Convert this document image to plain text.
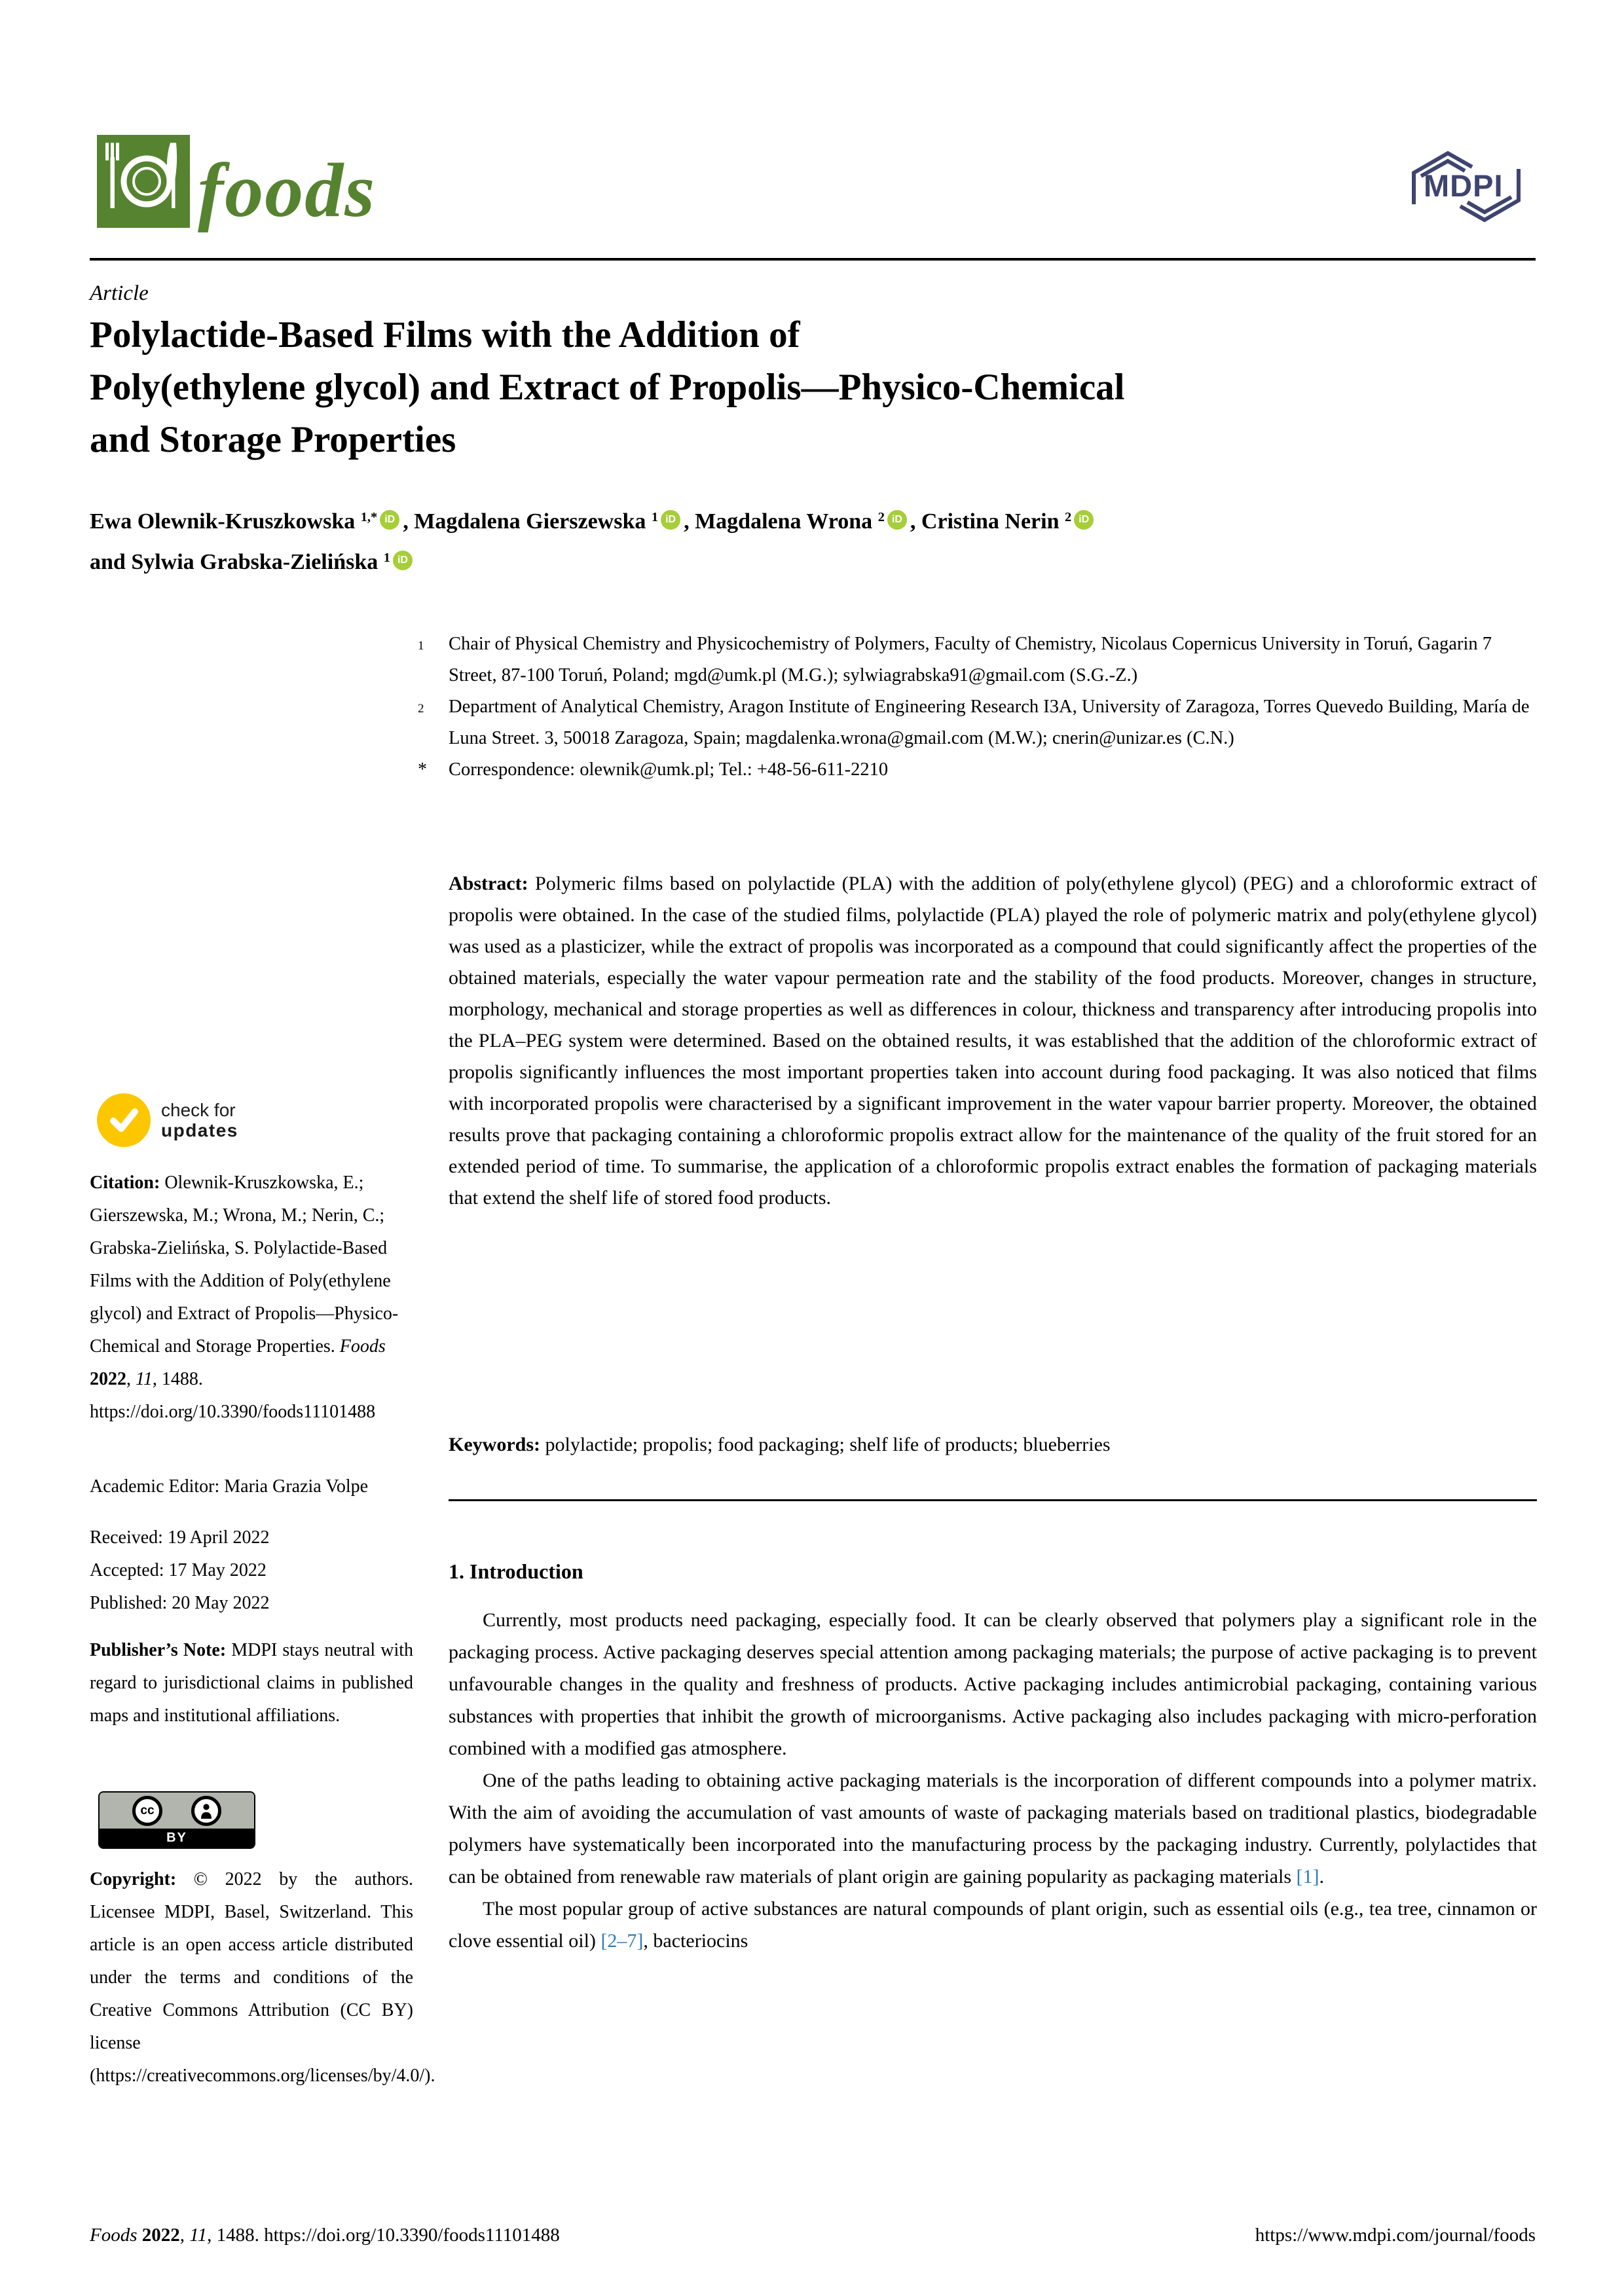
foods	MDPI
Article
Polylactide-Based Films with the Addition of
Poly(ethylene glycol) and Extract of Propolis—Physico-Chemical
and Storage Properties
Ewa Olewnik-Kruszkowska $^{1,*}$ iD , Magdalena Gierszewska $^1$ iD , Magdalena Wrona $^2$ iD , Cristina Nerin $^2$ iD
and Sylwia Grabska-Zielińska $^1$ iD
1	Chair of Physical Chemistry and Physicochemistry of Polymers, Faculty of Chemistry, Nicolaus Copernicus University in Toruń, Gagarin 7 Street, 87-100 Toruń, Poland; mgd@umk.pl (M.G.); sylwiagrabska91@gmail.com (S.G.-Z.)
2	Department of Analytical Chemistry, Aragon Institute of Engineering Research I3A, University of Zaragoza, Torres Quevedo Building, María de Luna Street. 3, 50018 Zaragoza, Spain; magdalenka.wrona@gmail.com (M.W.); cnerin@unizar.es (C.N.)
*	Correspondence: olewnik@umk.pl; Tel.: +48-56-611-2210
Abstract: Polymeric films based on polylactide (PLA) with the addition of poly(ethylene glycol) (PEG) and a chloroformic extract of propolis were obtained. In the case of the studied films, polylactide (PLA) played the role of polymeric matrix and poly(ethylene glycol) was used as a plasticizer, while the extract of propolis was incorporated as a compound that could significantly affect the properties of the obtained materials, especially the water vapour permeation rate and the stability of the food products. Moreover, changes in structure, morphology, mechanical and storage properties as well as differences in colour, thickness and transparency after introducing propolis into the PLA–PEG system were determined. Based on the obtained results, it was established that the addition of the chloroformic extract of propolis significantly influences the most important properties taken into account during food packaging. It was also noticed that films with incorporated propolis were characterised by a significant improvement in the water vapour barrier property. Moreover, the obtained results prove that packaging containing a chloroformic propolis extract allow for the maintenance of the quality of the fruit stored for an extended period of time. To summarise, the application of a chloroformic propolis extract enables the formation of packaging materials that extend the shelf life of stored food products.
Keywords: polylactide; propolis; food packaging; shelf life of products; blueberries
1. Introduction

Currently, most products need packaging, especially food. It can be clearly observed that polymers play a significant role in the packaging process. Active packaging deserves special attention among packaging materials; the purpose of active packaging is to prevent unfavourable changes in the quality and freshness of products. Active packaging includes antimicrobial packaging, containing various substances with properties that inhibit the growth of microorganisms. Active packaging also includes packaging with micro-perforation combined with a modified gas atmosphere.

One of the paths leading to obtaining active packaging materials is the incorporation of different compounds into a polymer matrix. With the aim of avoiding the accumulation of vast amounts of waste of packaging materials based on traditional plastics, biodegradable polymers have systematically been incorporated into the manufacturing process by the packaging industry. Currently, polylactides that can be obtained from renewable raw materials of plant origin are gaining popularity as packaging materials [1].

The most popular group of active substances are natural compounds of plant origin, such as essential oils (e.g., tea tree, cinnamon or clove essential oil) [2–7], bacteriocins

check for
updates
Citation: Olewnik-Kruszkowska, E.; Gierszewska, M.; Wrona, M.; Nerin, C.; Grabska-Zielińska, S. Polylactide-Based Films with the Addition of Poly(ethylene glycol) and Extract of Propolis—Physico-Chemical and Storage Properties. Foods 2022, 11, 1488. https://doi.org/10.3390/foods11101488
Academic Editor: Maria Grazia Volpe
Received: 19 April 2022
Accepted: 17 May 2022
Published: 20 May 2022
Publisher’s Note: MDPI stays neutral with regard to jurisdictional claims in published maps and institutional affiliations.
cc
BY
Copyright: © 2022 by the authors. Licensee MDPI, Basel, Switzerland. This article is an open access article distributed under the terms and conditions of the Creative Commons Attribution (CC BY) license (https://creativecommons.org/licenses/by/4.0/).
Foods 2022, 11, 1488. https://doi.org/10.3390/foods11101488	https://www.mdpi.com/journal/foods
